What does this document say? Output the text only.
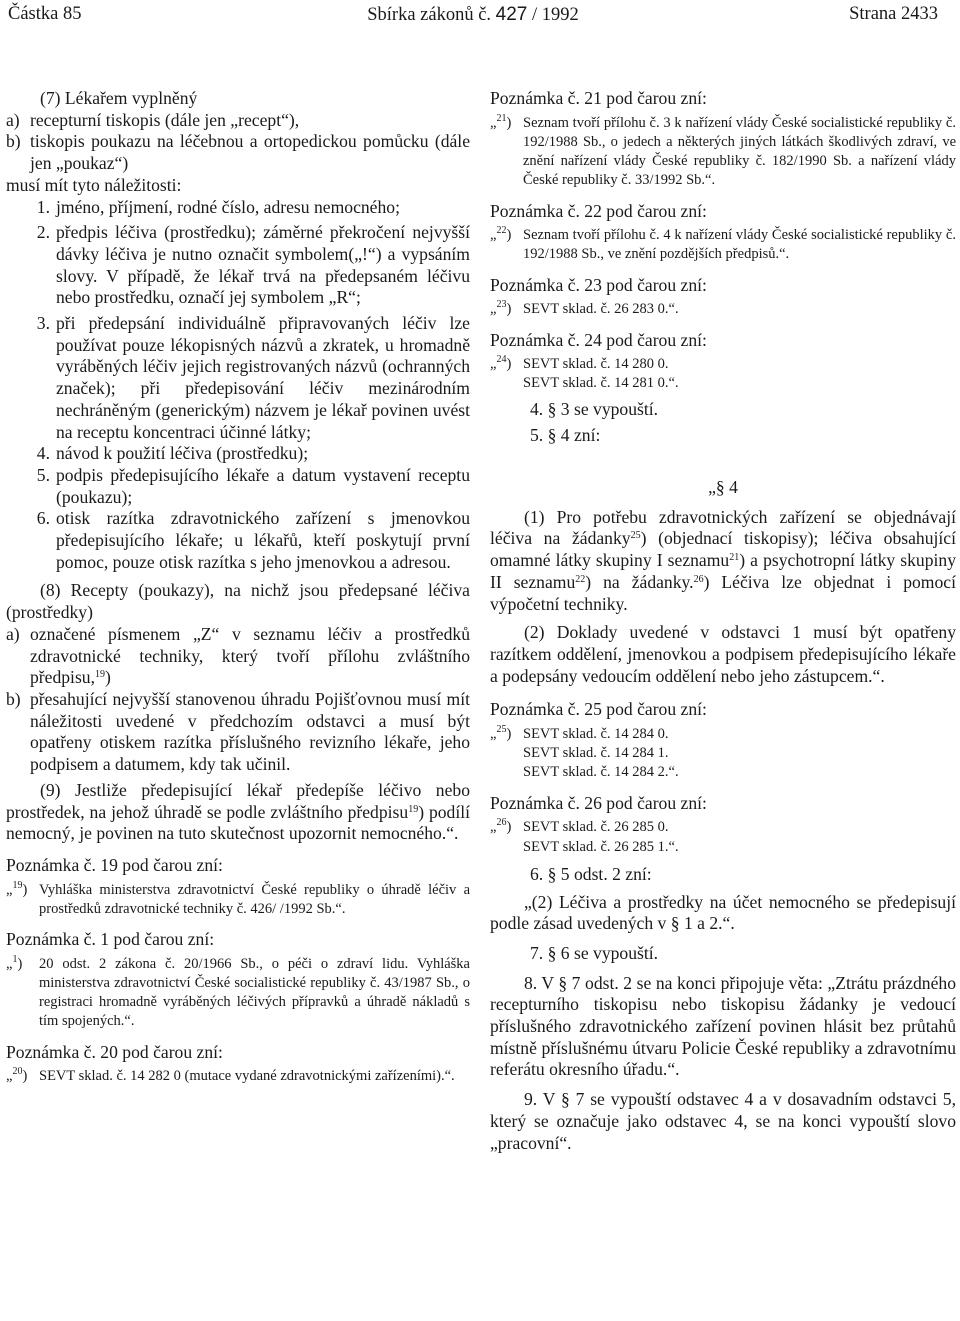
Částka 85	Sbírka zákonů č. 427 / 1992	Strana 2433

(7) Lékařem vyplněný

a) recepturní tiskopis (dále jen „recept“),
b) tiskopis poukazu na léčebnou a ortopedickou pomůcku (dále jen „poukaz“)

musí mít tyto náležitosti:

1. jméno, příjmení, rodné číslo, adresu nemocného;
2. předpis léčiva (prostředku); záměrné překročení nejvyšší dávky léčiva je nutno označit symbolem(„!“) a vypsáním slovy. V případě, že lékař trvá na předepsaném léčivu nebo prostředku, označí jej symbolem „R“;
3. při předepsání individuálně připravovaných léčiv lze používat pouze lékopisných názvů a zkratek, u hromadně vyráběných léčiv jejich registrovaných názvů (ochranných značek); při předepisování léčiv mezinárodním nechráněným (generickým) názvem je lékař povinen uvést na receptu koncentraci účinné látky;
4. návod k použití léčiva (prostředku);
5. podpis předepisujícího lékaře a datum vystavení receptu (poukazu);
6. otisk razítka zdravotnického zařízení s jmenovkou předepisujícího lékaře; u lékařů, kteří poskytují první pomoc, pouze otisk razítka s jeho jmenovkou a adresou.

(8) Recepty (poukazy), na nichž jsou předepsané léčiva (prostředky)

a) označené písmenem „Z“ v seznamu léčiv a prostředků zdravotnické techniky, který tvoří přílohu zvláštního předpisu,$^{19}$)
b) přesahující nejvyšší stanovenou úhradu Pojišťovnou musí mít náležitosti uvedené v předchozím odstavci a musí být opatřeny otiskem razítka příslušného revizního lékaře, jeho podpisem a datumem, kdy tak učinil.

(9) Jestliže předepisující lékař předepíše léčivo nebo prostředek, na jehož úhradě se podle zvláštního předpisu$^{19}$) podílí nemocný, je povinen na tuto skutečnost upozornit nemocného.“.

Poznámka č. 19 pod čarou zní:

„$^{19}$) Vyhláška ministerstva zdravotnictví České republiky o úhradě léčiv a prostředků zdravotnické techniky č. 426/ /1992 Sb.“.

Poznámka č. 1 pod čarou zní:

„$^1$)	20 odst. 2 zákona č. 20/1966 Sb., o péči o zdraví lidu. Vyhláška ministerstva zdravotnictví České socialistické republiky č. 43/1987 Sb., o registraci hromadně vyráběných léčivých přípravků a úhradě nákladů s tím spojených.“.

Poznámka č. 20 pod čarou zní:

„$^{20}$) SEVT sklad. č. 14 282 0 (mutace vydané zdravotnickými zařízeními).“.

Poznámka č. 21 pod čarou zní:

„$^{21}$) Seznam tvoří přílohu č. 3 k nařízení vlády České socialistické republiky č. 192/1988 Sb., o jedech a některých jiných látkách škodlivých zdraví, ve znění nařízení vlády České republiky č. 182/1990 Sb. a nařízení vlády České republiky č. 33/1992 Sb.“.

Poznámka č. 22 pod čarou zní:

„$^{22}$) Seznam tvoří přílohu č. 4 k nařízení vlády České socialistické republiky č. 192/1988 Sb., ve znění pozdějších předpisů.“.

Poznámka č. 23 pod čarou zní:

„$^{23}$) SEVT sklad. č. 26 283 0.“.

Poznámka č. 24 pod čarou zní:

„$^{24}$) SEVT sklad. č. 14 280 0.
SEVT sklad. č. 14 281 0.“.

4. § 3 se vypouští.

5. § 4 zní:

„§ 4

(1) Pro potřebu zdravotnických zařízení se objednávají léčiva na žádanky$^{25}$) (objednací tiskopisy); léčiva obsahující omamné látky skupiny I seznamu$^{21}$) a psychotropní látky skupiny II seznamu$^{22}$) na žádanky.$^{26}$) Léčiva lze objednat i pomocí výpočetní techniky.

(2) Doklady uvedené v odstavci 1 musí být opatřeny razítkem oddělení, jmenovkou a podpisem předepisujícího lékaře a podepsány vedoucím oddělení nebo jeho zástupcem.“.

Poznámka č. 25 pod čarou zní:

„$^{25}$) SEVT sklad. č. 14 284 0.
SEVT sklad. č. 14 284 1.
SEVT sklad. č. 14 284 2.“.

Poznámka č. 26 pod čarou zní:

„$^{26}$) SEVT sklad. č. 26 285 0.
SEVT sklad. č. 26 285 1.“.

6. § 5 odst. 2 zní:

„(2) Léčiva a prostředky na účet nemocného se předepisují podle zásad uvedených v § 1 a 2.“.

7. § 6 se vypouští.

8. V § 7 odst. 2 se na konci připojuje věta: „Ztrátu prázdného recepturního tiskopisu nebo tiskopisu žádanky je vedoucí příslušného zdravotnického zařízení povinen hlásit bez průtahů místně příslušnému útvaru Policie České republiky a zdravotnímu referátu okresního úřadu.“.

9. V § 7 se vypouští odstavec 4 a v dosavadním odstavci 5, který se označuje jako odstavec 4, se na konci vypouští slovo „pracovní“.
